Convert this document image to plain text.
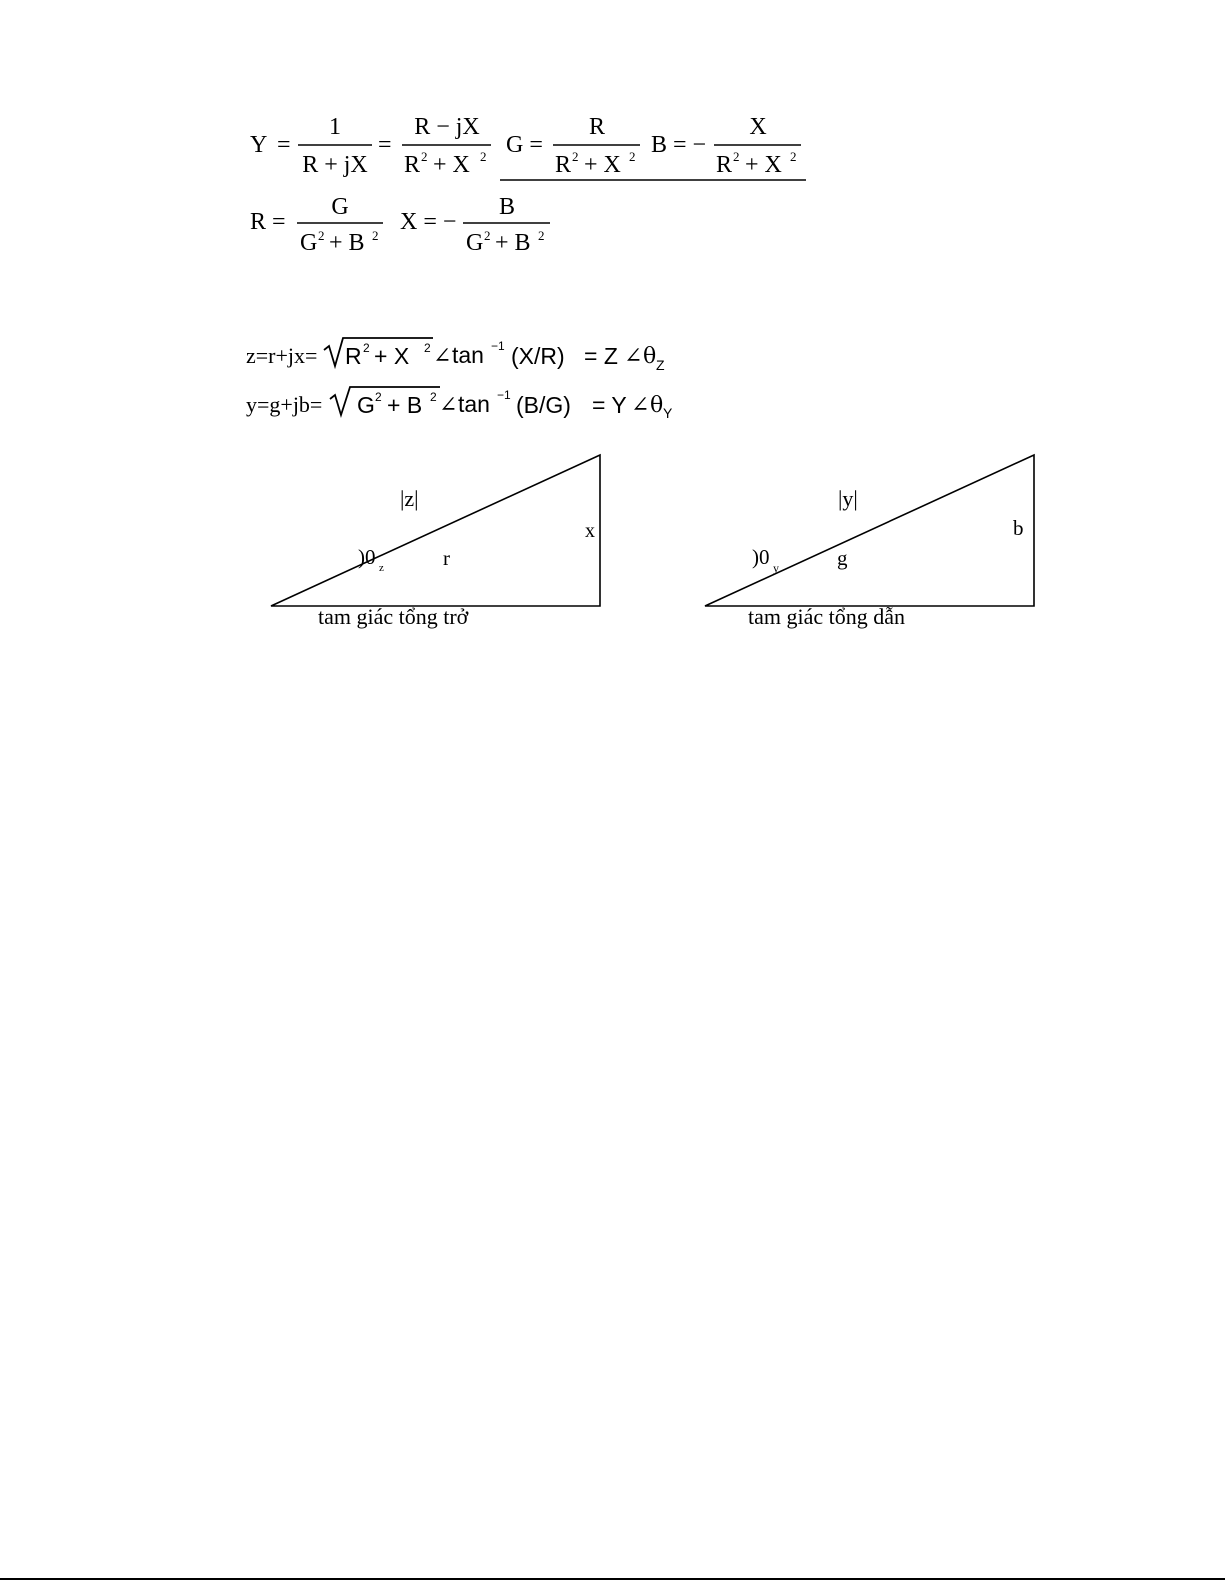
Y =
1
R + jX
=
R − jX
R 2 + X 2 G =
R
R 2 + X 2 B = −
X
R 2 + X 2
R =
G
G 2 + B 2
X = −
B
G 2 + B 2
z=r+jx= R 2 + X 2 ∠ tan −1 (X/R) = Z ∠ θ Z
y=g+jb= G 2 + B 2 ∠ tan −1 (B/G) = Y ∠ θ Y
|z|
)0 z	r
x
tam giác tổng trở
|y|
)0 y	g
b
tam giác tổng dẫn
